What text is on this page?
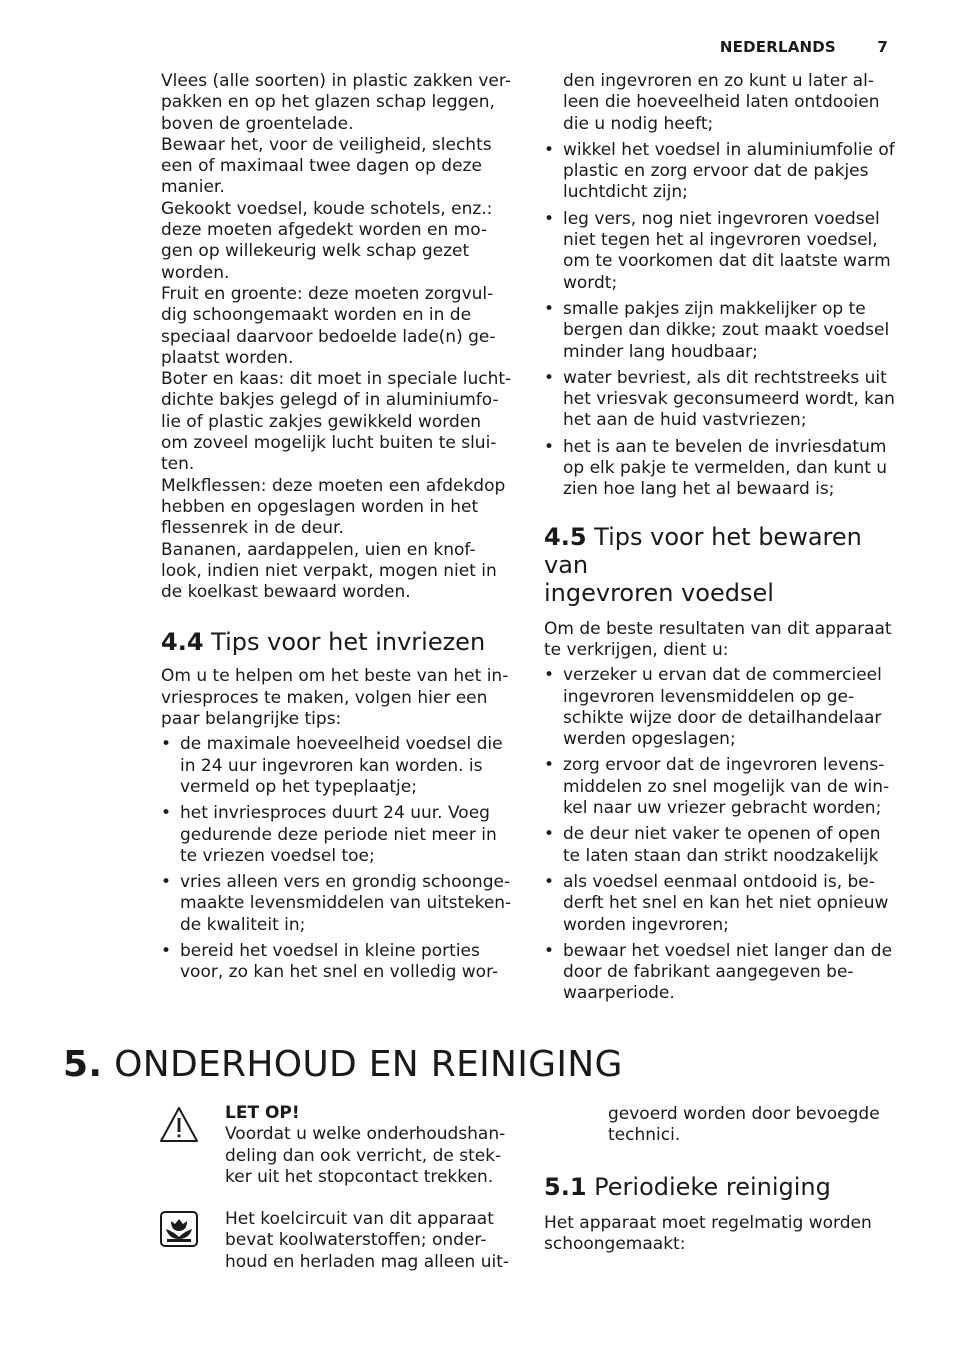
NEDERLANDS	7

Vlees (alle soorten) in plastic zakken ver-
pakken en op het glazen schap leggen,
boven de groentelade.

Bewaar het, voor de veiligheid, slechts
een of maximaal twee dagen op deze
manier.

Gekookt voedsel, koude schotels, enz.:
deze moeten afgedekt worden en mo-
gen op willekeurig welk schap gezet
worden.

Fruit en groente: deze moeten zorgvul-
dig schoongemaakt worden en in de
speciaal daarvoor bedoelde lade(n) ge-
plaatst worden.

Boter en kaas: dit moet in speciale lucht-
dichte bakjes gelegd of in aluminiumfo-
lie of plastic zakjes gewikkeld worden
om zoveel mogelijk lucht buiten te slui-
ten.

Melkflessen: deze moeten een afdekdop
hebben en opgeslagen worden in het
flessenrek in de deur.

Bananen, aardappelen, uien en knof-
look, indien niet verpakt, mogen niet in
de koelkast bewaard worden.

4.4 Tips voor het invriezen

Om u te helpen om het beste van het in-
vriesproces te maken, volgen hier een
paar belangrijke tips:

• de maximale hoeveelheid voedsel die
in 24 uur ingevroren kan worden. is
vermeld op het typeplaatje;
• het invriesproces duurt 24 uur. Voeg
gedurende deze periode niet meer in
te vriezen voedsel toe;
• vries alleen vers en grondig schoonge-
maakte levensmiddelen van uitsteken-
de kwaliteit in;
• bereid het voedsel in kleine porties
voor, zo kan het snel en volledig wor-
den ingevroren en zo kunt u later al-
leen die hoeveelheid laten ontdooien
die u nodig heeft;
• wikkel het voedsel in aluminiumfolie of
plastic en zorg ervoor dat de pakjes
luchtdicht zijn;
• leg vers, nog niet ingevroren voedsel
niet tegen het al ingevroren voedsel,
om te voorkomen dat dit laatste warm
wordt;
• smalle pakjes zijn makkelijker op te
bergen dan dikke; zout maakt voedsel
minder lang houdbaar;
• water bevriest, als dit rechtstreeks uit
het vriesvak geconsumeerd wordt, kan
het aan de huid vastvriezen;
• het is aan te bevelen de invriesdatum
op elk pakje te vermelden, dan kunt u
zien hoe lang het al bewaard is;
4.5 Tips voor het bewaren van
ingevroren voedsel

Om de beste resultaten van dit apparaat
te verkrijgen, dient u:

• verzeker u ervan dat de commercieel
ingevroren levensmiddelen op ge-
schikte wijze door de detailhandelaar
werden opgeslagen;
• zorg ervoor dat de ingevroren levens-
middelen zo snel mogelijk van de win-
kel naar uw vriezer gebracht worden;
• de deur niet vaker te openen of open
te laten staan dan strikt noodzakelijk
• als voedsel eenmaal ontdooid is, be-
derft het snel en kan het niet opnieuw
worden ingevroren;
• bewaar het voedsel niet langer dan de
door de fabrikant aangegeven be-
waarperiode.
5. ONDERHOUD EN REINIGING
LET OP!
Voordat u welke onderhoudshan-
deling dan ook verricht, de stek-
ker uit het stopcontact trekken.
Het koelcircuit van dit apparaat
bevat koolwaterstoffen; onder-
houd en herladen mag alleen uit-

gevoerd worden door bevoegde
technici.

5.1 Periodieke reiniging

Het apparaat moet regelmatig worden
schoongemaakt:
